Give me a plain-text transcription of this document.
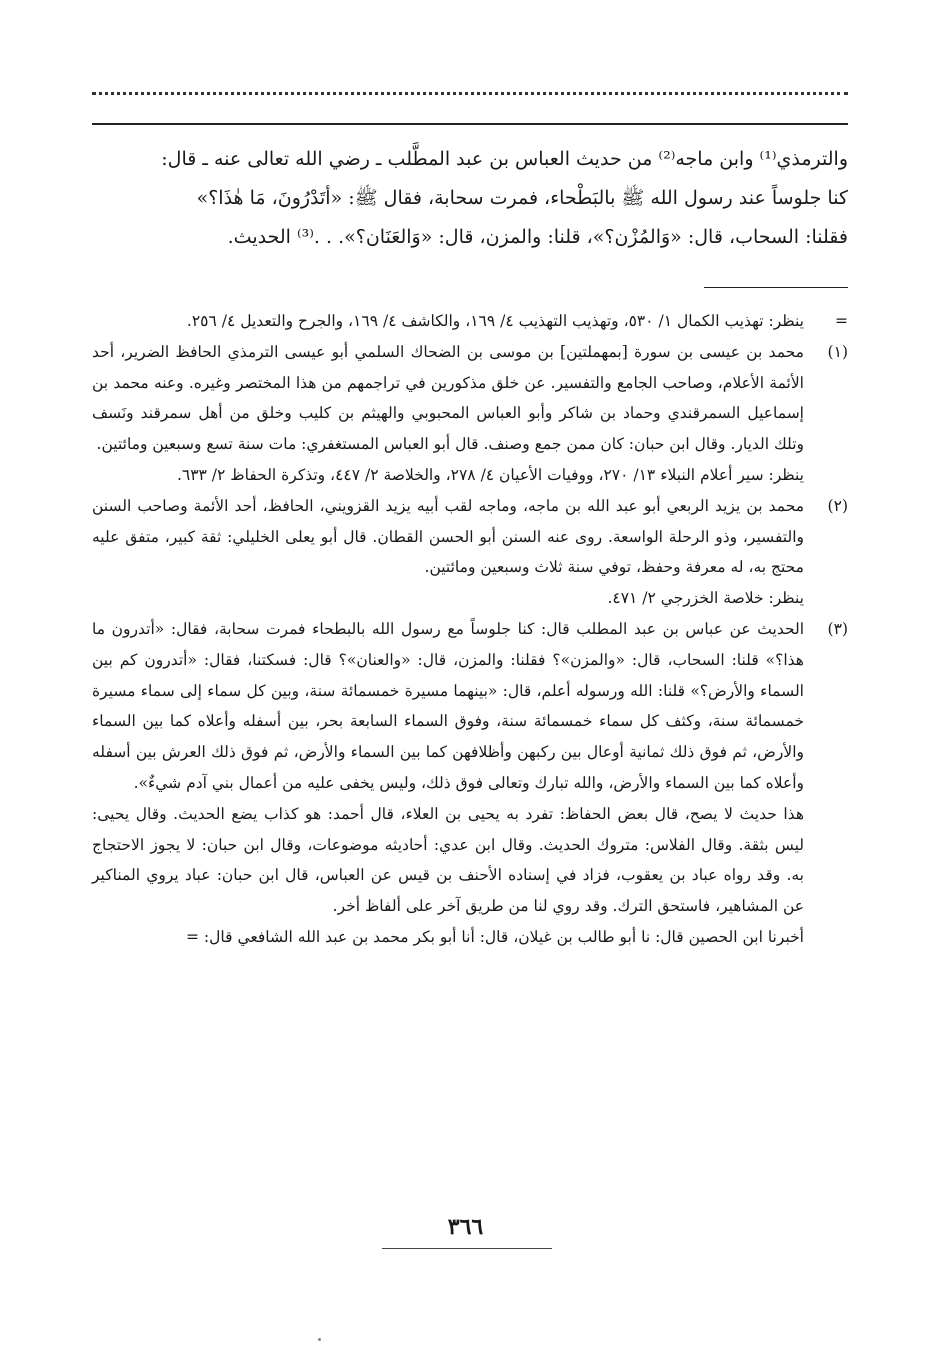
والترمذي⁽¹⁾ وابن ماجه⁽²⁾ من حديث العباس بن عبد المطَّلب ـ رضي الله تعالى عنه ـ قال:

كنا جلوساً عند رسول الله ﷺ بالبَطْحاء، فمرت سحابة، فقال ﷺ: «أتَدْرُونَ، مَا هٰذَا؟»

فقلنا: السحاب، قال: «وَالمُزْن؟»، قلنا: والمزن، قال: «وَالعَنَان؟». . .⁽³⁾ الحديث.

=

ينظر: تهذيب الكمال ١/ ٥٣٠، وتهذيب التهذيب ٤/ ١٦٩، والكاشف ٤/ ١٦٩، والجرح والتعديل ٤/ ٢٥٦.

(١)

محمد بن عيسى بن سورة [بمهملتين] بن موسى بن الضحاك السلمي أبو عيسى الترمذي الحافظ الضرير، أحد الأئمة الأعلام، وصاحب الجامع والتفسير. عن خلق مذكورين في تراجمهم من هذا المختصر وغيره. وعنه محمد بن إسماعيل السمرقندي وحماد بن شاكر وأبو العباس المحبوبي والهيثم بن كليب وخلق من أهل سمرقند ونَسف وتلك الديار. وقال ابن حبان: كان ممن جمع وصنف. قال أبو العباس المستغفري: مات سنة تسع وسبعين ومائتين.

ينظر: سير أعلام النبلاء ١٣/ ٢٧٠، ووفيات الأعيان ٤/ ٢٧٨، والخلاصة ٢/ ٤٤٧، وتذكرة الحفاظ ٢/ ٦٣٣.

(٢)

محمد بن يزيد الربعي أبو عبد الله بن ماجه، وماجه لقب أبيه يزيد القزويني، الحافظ، أحد الأئمة وصاحب السنن والتفسير، وذو الرحلة الواسعة. روى عنه السنن أبو الحسن القطان. قال أبو يعلى الخليلي: ثقة كبير، متفق عليه محتج به، له معرفة وحفظ، توفي سنة ثلاث وسبعين ومائتين.

ينظر: خلاصة الخزرجي ٢/ ٤٧١.

(٣)

الحديث عن عباس بن عبد المطلب قال: كنا جلوساً مع رسول الله بالبطحاء فمرت سحابة، فقال: «أتدرون ما هذا؟» قلنا: السحاب، قال: «والمزن»؟ فقلنا: والمزن، قال: «والعنان»؟ قال: فسكتنا، فقال: «أتدرون كم بين السماء والأرض؟» قلنا: الله ورسوله أعلم، قال: «بينهما مسيرة خمسمائة سنة، وبين كل سماء إلى سماء مسيرة خمسمائة سنة، وكثف كل سماء خمسمائة سنة، وفوق السماء السابعة بحر، بين أسفله وأعلاه كما بين السماء والأرض، ثم فوق ذلك ثمانية أوعال بين ركبهن وأظلافهن كما بين السماء والأرض، ثم فوق ذلك العرش بين أسفله وأعلاه كما بين السماء والأرض، والله تبارك وتعالى فوق ذلك، وليس يخفى عليه من أعمال بني آدم شيءٌ».

هذا حديث لا يصح، قال بعض الحفاظ: تفرد به يحيى بن العلاء، قال أحمد: هو كذاب يضع الحديث. وقال يحيى: ليس بثقة. وقال الفلاس: متروك الحديث. وقال ابن عدي: أحاديثه موضوعات، وقال ابن حبان: لا يجوز الاحتجاج به. وقد رواه عباد بن يعقوب، فزاد في إسناده الأحنف بن قيس عن العباس، قال ابن حبان: عباد يروي المناكير عن المشاهير، فاستحق الترك. وقد روي لنا من طريق آخر على ألفاظ أخر.

أخبرنا ابن الحصين قال: نا أبو طالب بن غيلان، قال: أنا أبو بكر محمد بن عبد الله الشافعي قال: =

٣٦٦
